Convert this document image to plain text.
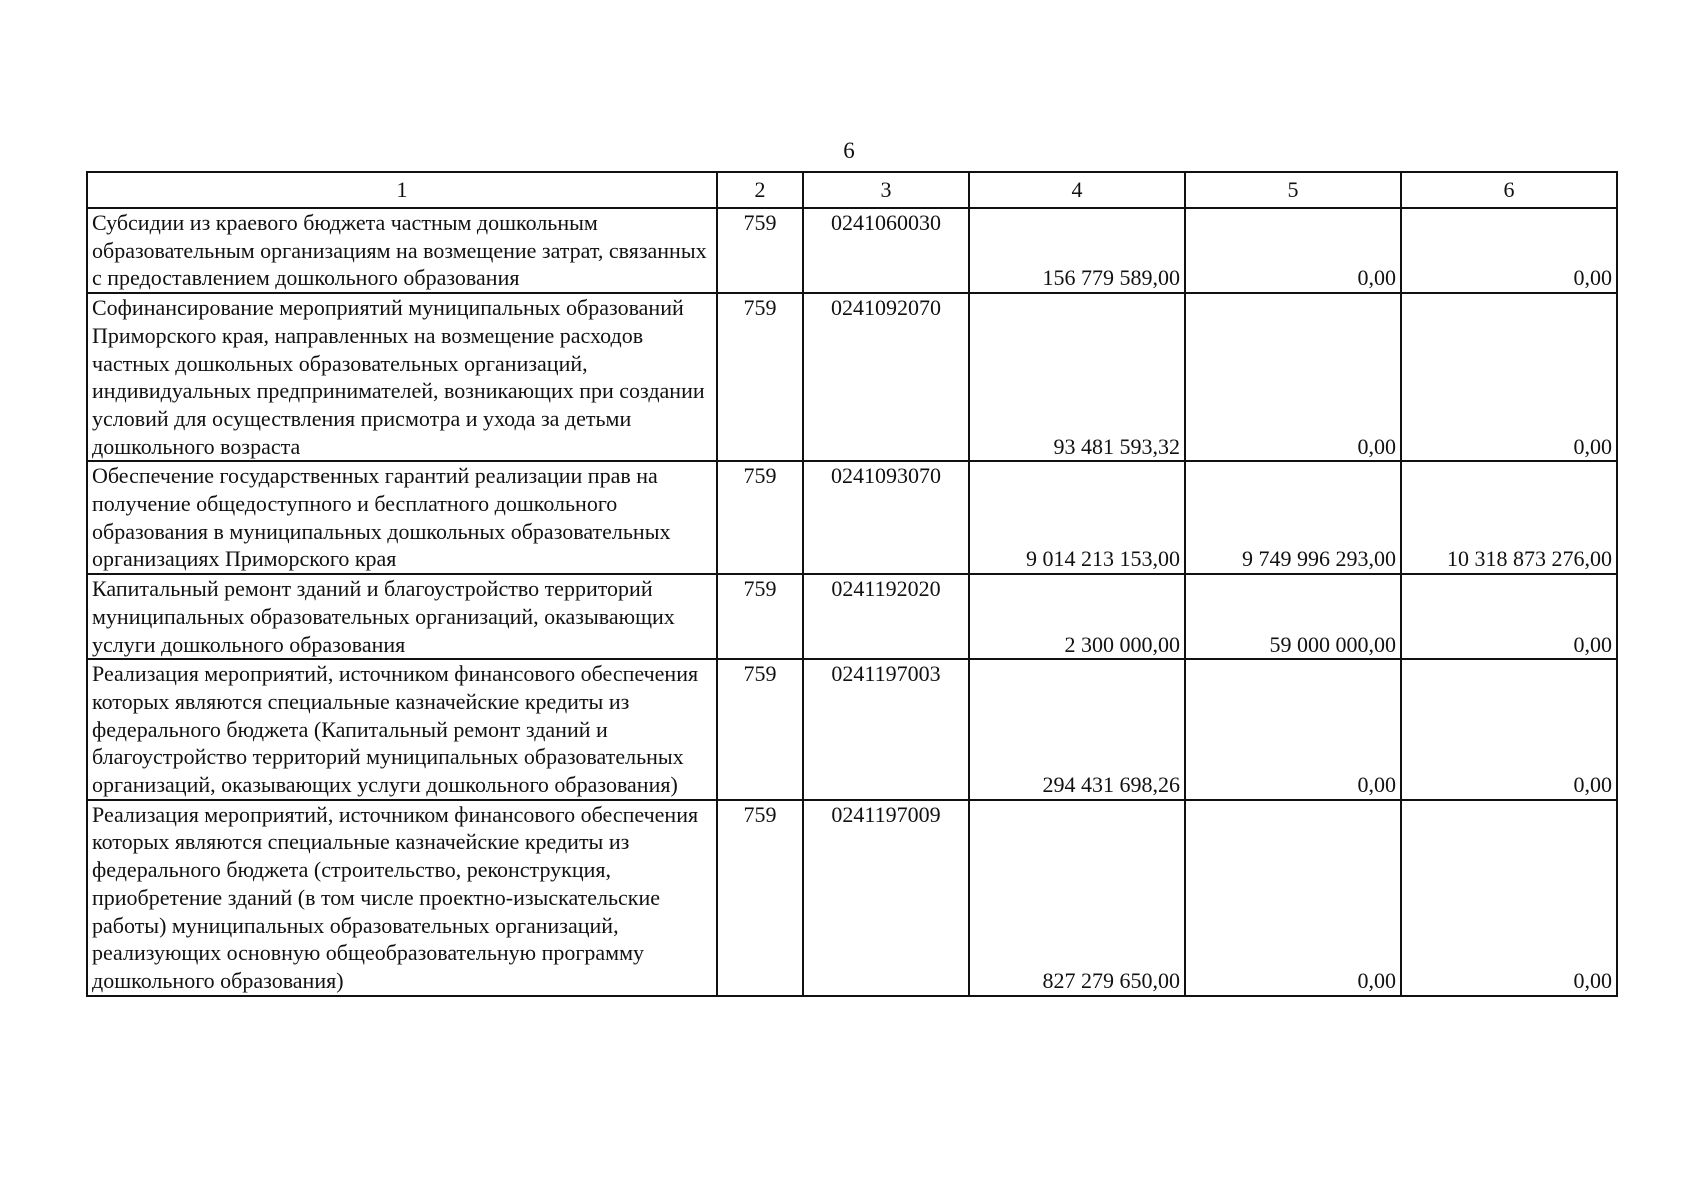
6
1	2	3	4	5	6
Субсидии из краевого бюджета частным дошкольным образовательным организациям на возмещение затрат, связанных с предоставлением дошкольного образования	759	0241060030	156 779 589,00	0,00	0,00
Софинансирование мероприятий муниципальных образований Приморского края, направленных на возмещение расходов частных дошкольных образовательных организаций, индивидуальных предпринимателей, возникающих при создании условий для осуществления присмотра и ухода за детьми дошкольного возраста	759	0241092070	93 481 593,32	0,00	0,00
Обеспечение государственных гарантий реализации прав на получение общедоступного и бесплатного дошкольного образования в муниципальных дошкольных образовательных организациях Приморского края	759	0241093070	9 014 213 153,00	9 749 996 293,00	10 318 873 276,00
Капитальный ремонт зданий и благоустройство территорий муниципальных образовательных организаций, оказывающих услуги дошкольного образования	759	0241192020	2 300 000,00	59 000 000,00	0,00
Реализация мероприятий, источником финансового обеспечения которых являются специальные казначейские кредиты из федерального бюджета (Капитальный ремонт зданий и благоустройство территорий муниципальных образовательных организаций, оказывающих услуги дошкольного образования)	759	0241197003	294 431 698,26	0,00	0,00
Реализация мероприятий, источником финансового обеспечения которых являются специальные казначейские кредиты из федерального бюджета (строительство, реконструкция, приобретение зданий (в том числе проектно-изыскательские работы) муниципальных образовательных организаций, реализующих основную общеобразовательную программу дошкольного образования)	759	0241197009	827 279 650,00	0,00	0,00
